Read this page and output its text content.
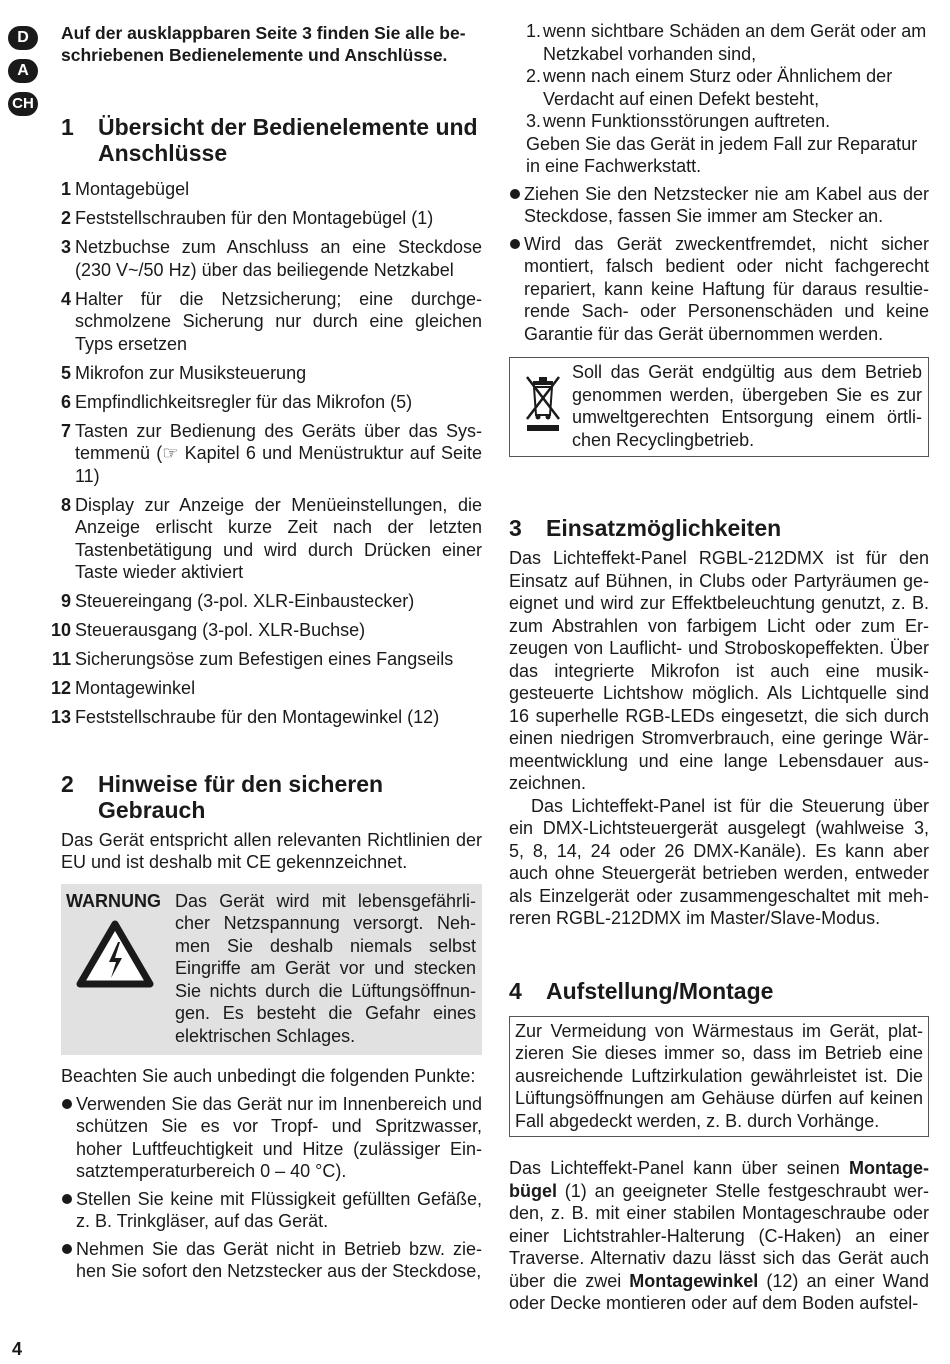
D
A
CH

Auf der ausklappbaren Seite 3 finden Sie alle beschriebenen Bedienelemente und Anschlüsse.

1	Übersicht der Bedienelemente und Anschlüsse
1 Montagebügel
2 Feststellschrauben für den Montagebügel (1)
3 Netzbuchse zum Anschluss an eine Steckdose (230 V~/50 Hz) über das beiliegende Netzkabel
4 Halter für die Netzsicherung; eine durchgeschmolzene Sicherung nur durch eine gleichen Typs ersetzen
5 Mikrofon zur Musiksteuerung
6 Empfindlichkeitsregler für das Mikrofon (5)
7 Tasten zur Bedienung des Geräts über das Systemmenü (☞ Kapitel 6 und Menüstruktur auf Seite 11)
8 Display zur Anzeige der Menüeinstellungen, die Anzeige erlischt kurze Zeit nach der letzten Tastenbetätigung und wird durch Drücken einer Taste wieder aktiviert
9 Steuereingang (3-pol. XLR-Einbaustecker)
10 Steuerausgang (3-pol. XLR-Buchse)
11 Sicherungsöse zum Befestigen eines Fangseils
12 Montagewinkel
13 Feststellschraube für den Montagewinkel (12)
2	Hinweise für den sicheren Gebrauch

Das Gerät entspricht allen relevanten Richtlinien der EU und ist deshalb mit CE gekennzeichnet.

WARNUNG Das Gerät wird mit lebensgefährlicher Netzspannung versorgt. Nehmen Sie deshalb niemals selbst Eingriffe am Gerät vor und stecken Sie nichts durch die Lüftungsöffnungen. Es besteht die Gefahr eines elektrischen Schlages.

Beachten Sie auch unbedingt die folgenden Punkte:

Verwenden Sie das Gerät nur im Innenbereich und schützen Sie es vor Tropf- und Spritzwasser, hoher Luftfeuchtigkeit und Hitze (zulässiger Einsatztemperaturbereich 0 – 40 °C).
Stellen Sie keine mit Flüssigkeit gefüllten Gefäße, z. B. Trinkgläser, auf das Gerät.
Nehmen Sie das Gerät nicht in Betrieb bzw. ziehen Sie sofort den Netzstecker aus der Steckdose,
1. wenn sichtbare Schäden an dem Gerät oder am Netzkabel vorhanden sind,
2. wenn nach einem Sturz oder Ähnlichem der Verdacht auf einen Defekt besteht,
3. wenn Funktionsstörungen auftreten.

Geben Sie das Gerät in jedem Fall zur Reparatur in eine Fachwerkstatt.

Ziehen Sie den Netzstecker nie am Kabel aus der Steckdose, fassen Sie immer am Stecker an.
Wird das Gerät zweckentfremdet, nicht sicher montiert, falsch bedient oder nicht fachgerecht repariert, kann keine Haftung für daraus resultierende Sach- oder Personenschäden und keine Garantie für das Gerät übernommen werden.

Soll das Gerät endgültig aus dem Betrieb genommen werden, übergeben Sie es zur umweltgerechten Entsorgung einem örtlichen Recyclingbetrieb.

3	Einsatzmöglichkeiten

Das Lichteffekt-Panel RGBL-212DMX ist für den Einsatz auf Bühnen, in Clubs oder Partyräumen geeignet und wird zur Effektbeleuchtung genutzt, z. B. zum Abstrahlen von farbigem Licht oder zum Erzeugen von Lauflicht- und Stroboskopeffekten. Über das integrierte Mikrofon ist auch eine musikgesteuerte Lichtshow möglich. Als Lichtquelle sind 16 superhelle RGB-LEDs eingesetzt, die sich durch einen niedrigen Stromverbrauch, eine geringe Wärmeentwicklung und eine lange Lebensdauer auszeichnen.

Das Lichteffekt-Panel ist für die Steuerung über ein DMX-Lichtsteuergerät ausgelegt (wahlweise 3, 5, 8, 14, 24 oder 26 DMX-Kanäle). Es kann aber auch ohne Steuergerät betrieben werden, entweder als Einzelgerät oder zusammengeschaltet mit mehreren RGBL-212DMX im Master/Slave-Modus.

4	Aufstellung/Montage

Zur Vermeidung von Wärmestaus im Gerät, platzieren Sie dieses immer so, dass im Betrieb eine ausreichende Luftzirkulation gewährleistet ist. Die Lüftungsöffnungen am Gehäuse dürfen auf keinen Fall abgedeckt werden, z. B. durch Vorhänge.

Das Lichteffekt-Panel kann über seinen Montagebügel (1) an geeigneter Stelle festgeschraubt werden, z. B. mit einer stabilen Montageschraube oder einer Lichtstrahler-Halterung (C-Haken) an einer Traverse. Alternativ dazu lässt sich das Gerät auch über die zwei Montagewinkel (12) an einer Wand oder Decke montieren oder auf dem Boden aufstel-

4
